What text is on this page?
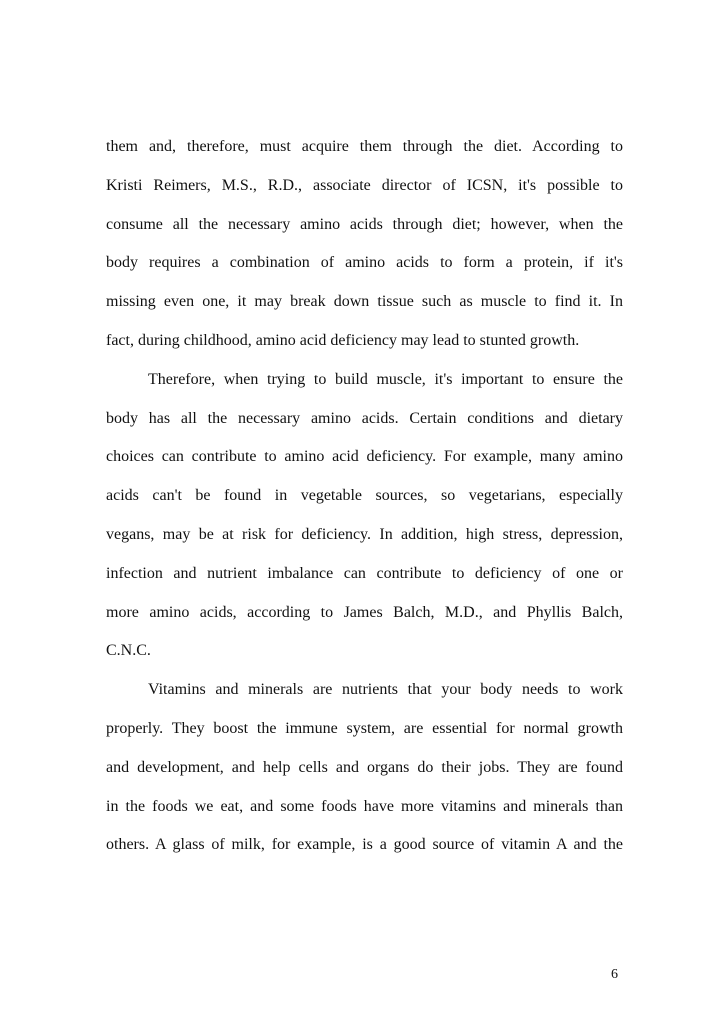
them and, therefore, must acquire them through the diet. According to
Kristi Reimers, M.S., R.D., associate director of ICSN, it's possible to
consume all the necessary amino acids through diet; however, when the
body requires a combination of amino acids to form a protein, if it's
missing even one, it may break down tissue such as muscle to find it. In
fact, during childhood, amino acid deficiency may lead to stunted growth.
Therefore, when trying to build muscle, it's important to ensure the
body has all the necessary amino acids. Certain conditions and dietary
choices can contribute to amino acid deficiency. For example, many amino
acids can't be found in vegetable sources, so vegetarians, especially
vegans, may be at risk for deficiency. In addition, high stress, depression,
infection and nutrient imbalance can contribute to deficiency of one or
more amino acids, according to James Balch, M.D., and Phyllis Balch,
C.N.C.
Vitamins and minerals are nutrients that your body needs to work
properly. They boost the immune system, are essential for normal growth
and development, and help cells and organs do their jobs. They are found
in the foods we eat, and some foods have more vitamins and minerals than
others. A glass of milk, for example, is a good source of vitamin A and the
6
